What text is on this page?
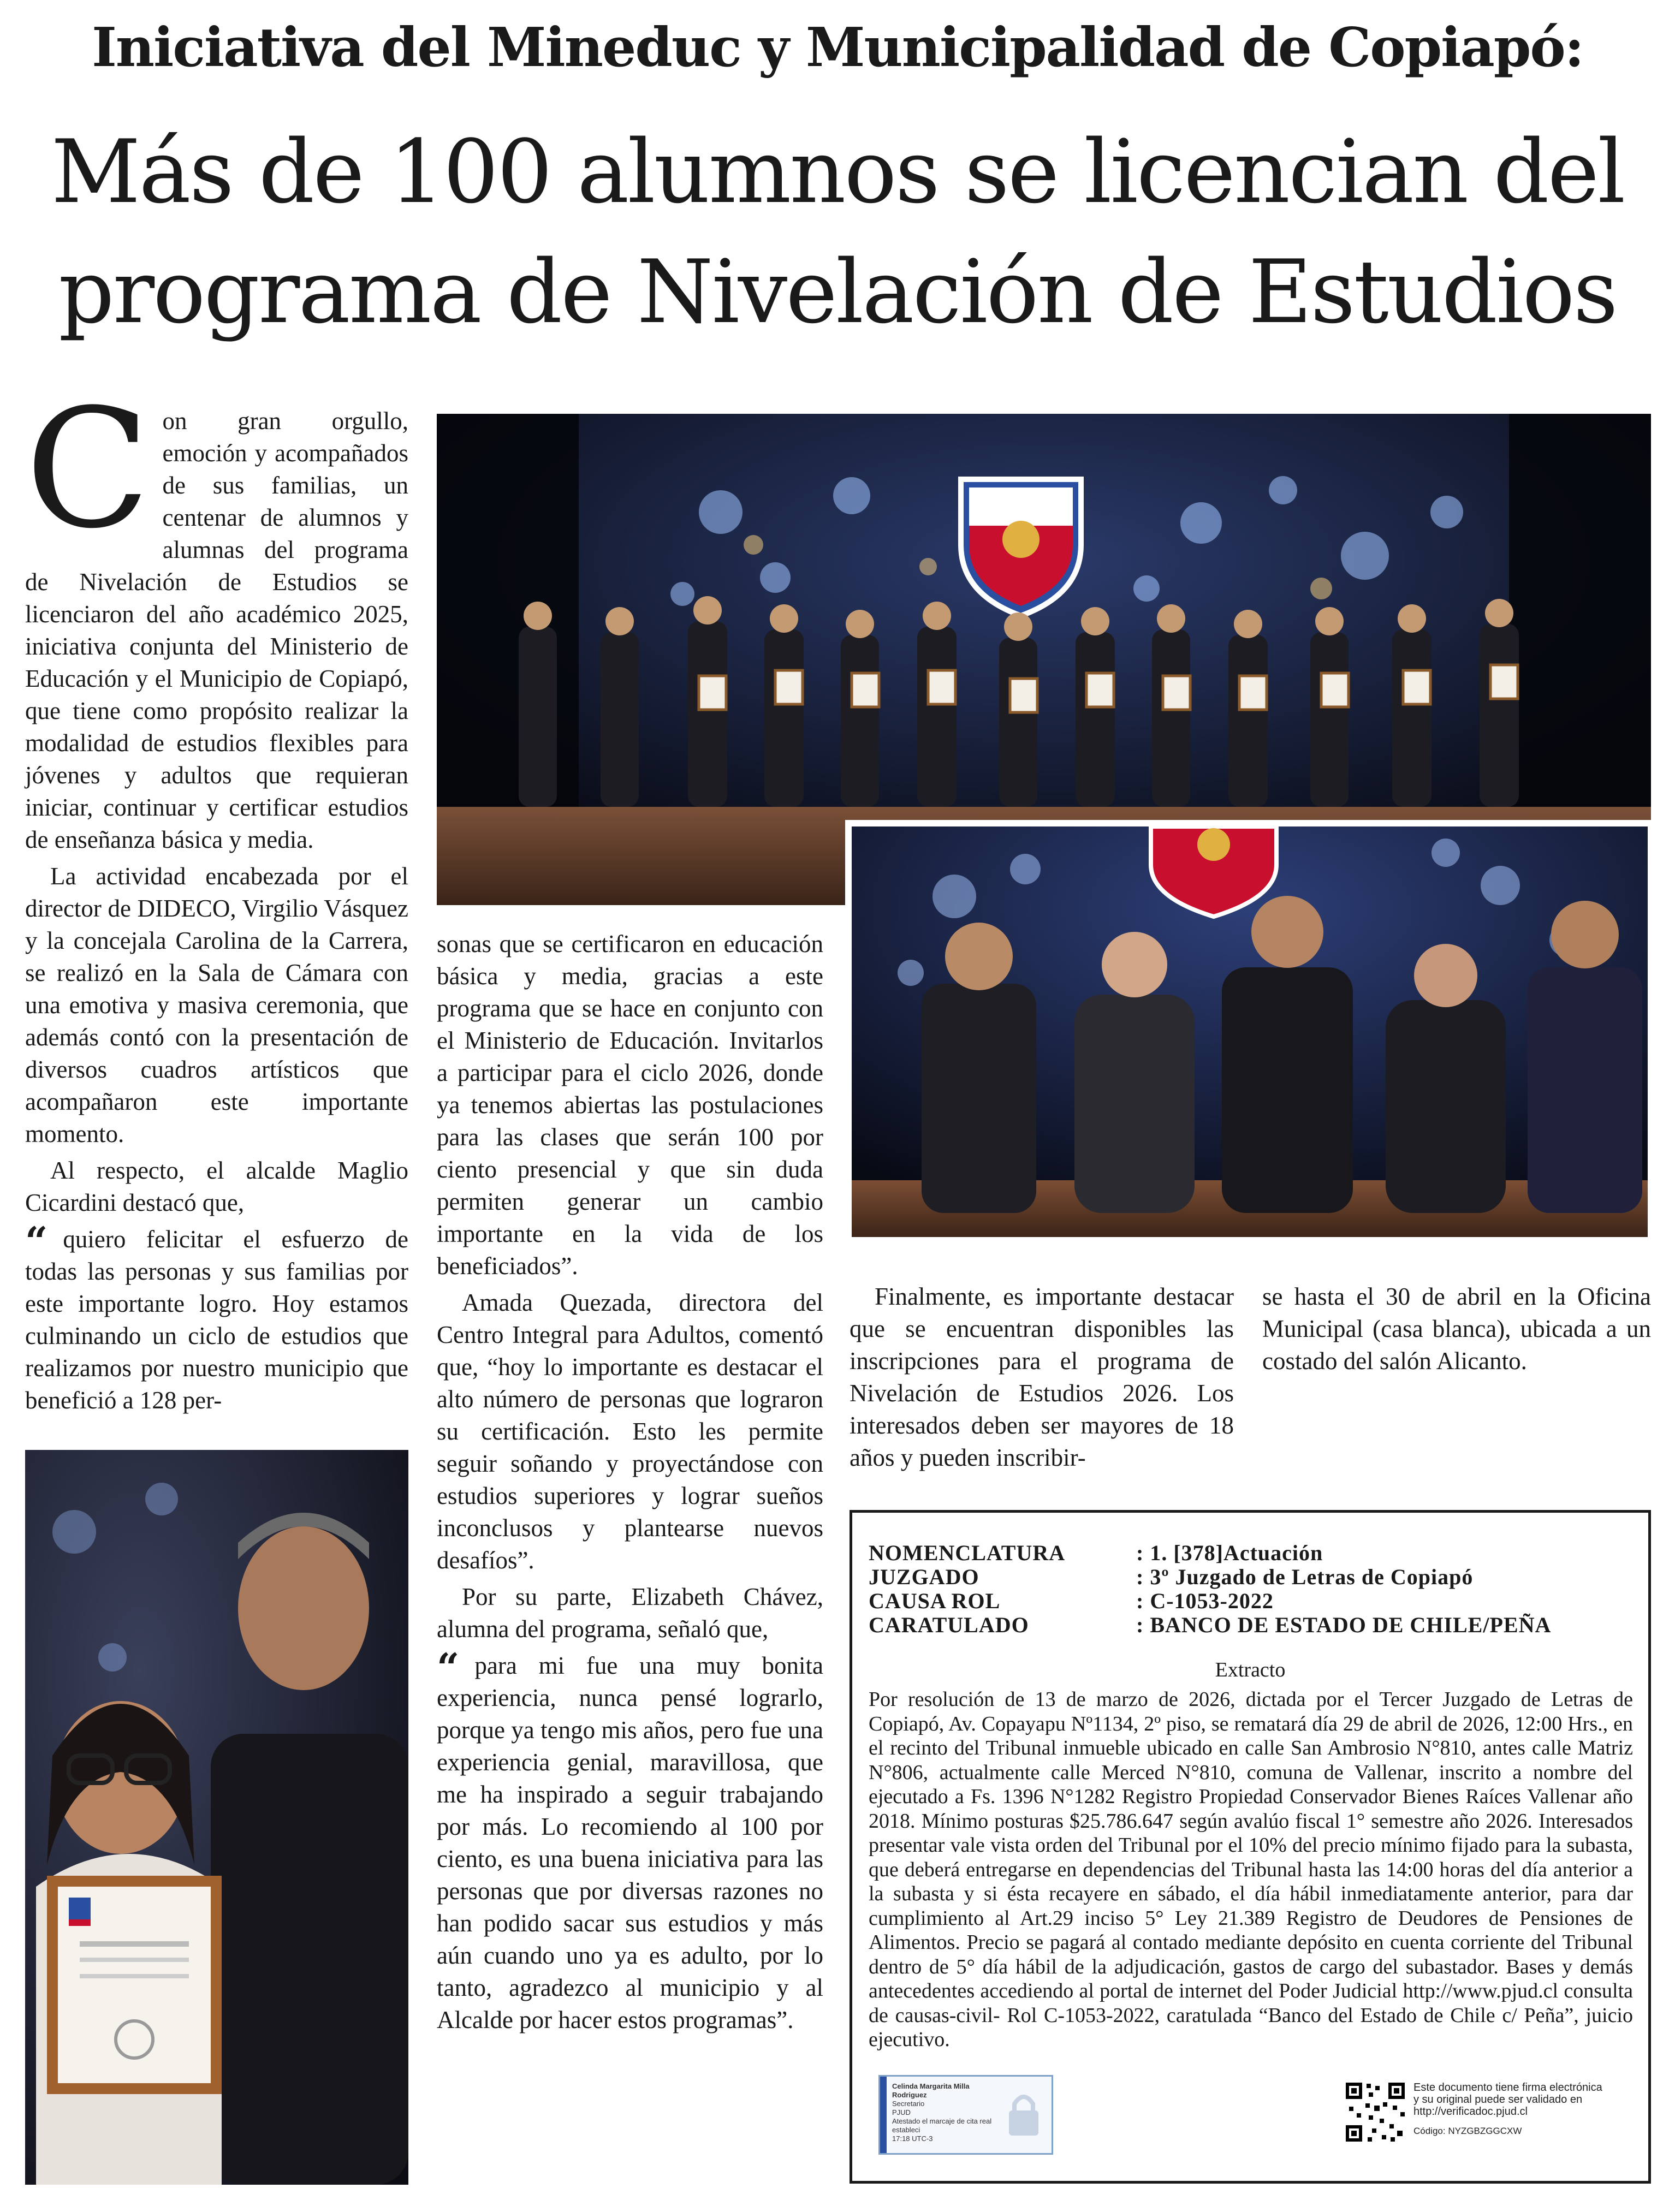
Iniciativa del Mineduc y Municipalidad de Copiapó:
Más de 100 alumnos se licencian del programa de Nivelación de Estudios

Con gran orgullo, emoción y acompañados de sus familias, un centenar de alumnos y alumnas del programa de Nivelación de Estudios se licenciaron del año académico 2025, iniciativa conjunta del Ministerio de Educación y el Municipio de Copiapó, que tiene como propósito realizar la modalidad de estudios flexibles para jóvenes y adultos que requieran iniciar, continuar y certificar estudios de enseñanza básica y media.

La actividad encabezada por el director de DIDECO, Virgilio Vásquez y la concejala Carolina de la Carrera, se realizó en la Sala de Cámara con una emotiva y masiva ceremonia, que además contó con la presentación de diversos cuadros artísticos que acompañaron este importante momento.

Al respecto, el alcalde Maglio Cicardini destacó que,

“ quiero felicitar el esfuerzo de todas las personas y sus familias por este importante logro. Hoy estamos culminando un ciclo de estudios que realizamos por nuestro municipio que benefició a 128 per-

sonas que se certificaron en educación básica y media, gracias a este programa que se hace en conjunto con el Ministerio de Educación. Invitarlos a participar para el ciclo 2026, donde ya tenemos abiertas las postulaciones para las clases que serán 100 por ciento presencial y que sin duda permiten generar un cambio importante en la vida de los beneficiados”.

Amada Quezada, directora del Centro Integral para Adultos, comentó que, “hoy lo importante es destacar el alto número de personas que lograron su certificación. Esto les permite seguir soñando y proyectándose con estudios superiores y lograr sueños inconclusos y plantearse nuevos desafíos”.

Por su parte, Elizabeth Chávez, alumna del programa, señaló que,

“ para mi fue una muy bonita experiencia, nunca pensé lograrlo, porque ya tengo mis años, pero fue una experiencia genial, maravillosa, que me ha inspirado a seguir trabajando por más. Lo recomiendo al 100 por ciento, es una buena iniciativa para las personas que por diversas razones no han podido sacar sus estudios y más aún cuando uno ya es adulto, por lo tanto, agradezco al municipio y al Alcalde por hacer estos programas”.

Finalmente, es importante destacar que se encuentran disponibles las inscripciones para el programa de Nivelación de Estudios 2026. Los interesados deben ser mayores de 18 años y pueden inscribir-

se hasta el 30 de abril en la Oficina Municipal (casa blanca), ubicada a un costado del salón Alicanto.

NOMENCLATURA	: 1. [378]Actuación
JUZGADO	: 3º Juzgado de Letras de Copiapó
CAUSA ROL	: C-1053-2022
CARATULADO	: BANCO DE ESTADO DE CHILE/PEÑA
Extracto
Por resolución de 13 de marzo de 2026, dictada por el Tercer Juzgado de Letras de Copiapó, Av. Copayapu Nº1134, 2º piso, se rematará día 29 de abril de 2026, 12:00 Hrs., en el recinto del Tribunal inmueble ubicado en calle San Ambrosio N°810, antes calle Matriz N°806, actualmente calle Merced N°810, comuna de Vallenar, inscrito a nombre del ejecutado a Fs. 1396 N°1282 Registro Propiedad Conservador Bienes Raíces Vallenar año 2018. Mínimo posturas $25.786.647 según avalúo fiscal 1° semestre año 2026. Interesados presentar vale vista orden del Tribunal por el 10% del precio mínimo fijado para la subasta, que deberá entregarse en dependencias del Tribunal hasta las 14:00 horas del día anterior a la subasta y si ésta recayere en sábado, el día hábil inmediatamente anterior, para dar cumplimiento al Art.29 inciso 5° Ley 21.389 Registro de Deudores de Pensiones de Alimentos. Precio se pagará al contado mediante depósito en cuenta corriente del Tribunal dentro de 5° día hábil de la adjudicación, gastos de cargo del subastador. Bases y demás antecedentes accediendo al portal de internet del Poder Judicial http://www.pjud.cl consulta de causas-civil- Rol C-1053-2022, caratulada “Banco del Estado de Chile c/ Peña”, juicio ejecutivo.
Celinda Margarita Milla Rodriguez
Secretario
PJUD
Atestado el marcaje de cita real estableci
17:18 UTC-3
Este documento tiene firma electrónica
y su original puede ser validado en
http://verificadoc.pjud.cl
Código: NYZGBZGGCXW
